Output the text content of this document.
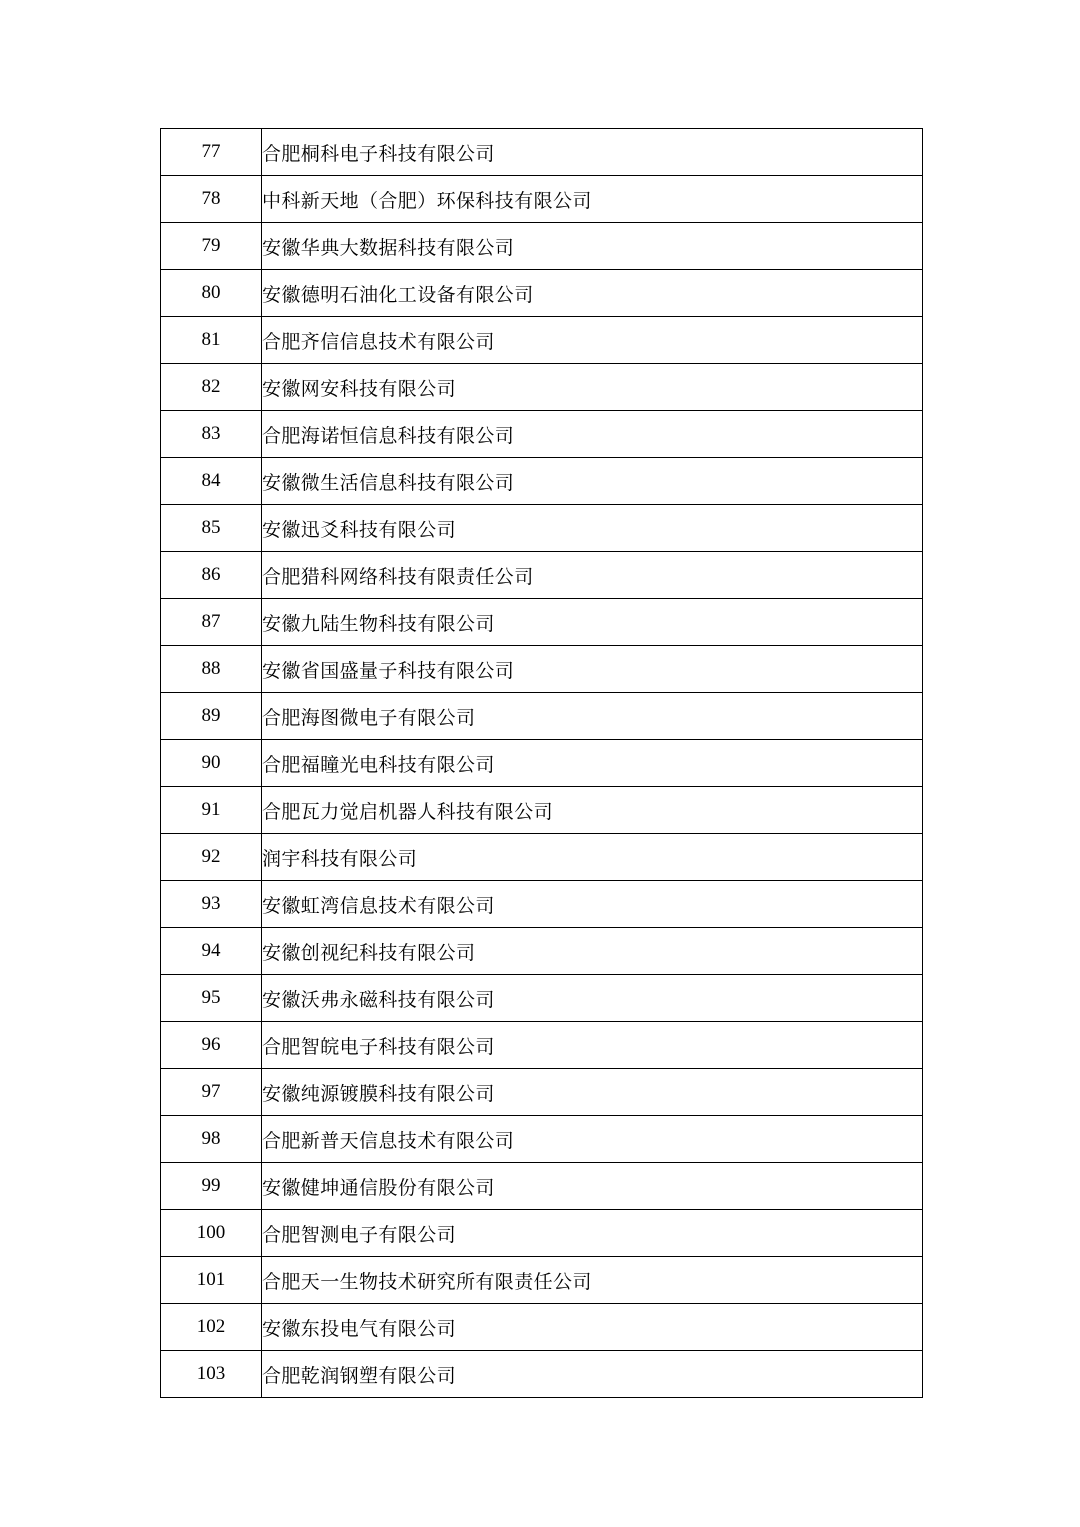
77	合肥桐科电子科技有限公司
78	中科新天地（合肥）环保科技有限公司
79	安徽华典大数据科技有限公司
80	安徽德明石油化工设备有限公司
81	合肥齐信信息技术有限公司
82	安徽网安科技有限公司
83	合肥海诺恒信息科技有限公司
84	安徽微生活信息科技有限公司
85	安徽迅爻科技有限公司
86	合肥猎科网络科技有限责任公司
87	安徽九陆生物科技有限公司
88	安徽省国盛量子科技有限公司
89	合肥海图微电子有限公司
90	合肥福瞳光电科技有限公司
91	合肥瓦力觉启机器人科技有限公司
92	润宇科技有限公司
93	安徽虹湾信息技术有限公司
94	安徽创视纪科技有限公司
95	安徽沃弗永磁科技有限公司
96	合肥智皖电子科技有限公司
97	安徽纯源镀膜科技有限公司
98	合肥新普天信息技术有限公司
99	安徽健坤通信股份有限公司
100	合肥智测电子有限公司
101	合肥天一生物技术研究所有限责任公司
102	安徽东投电气有限公司
103	合肥乾润钢塑有限公司
